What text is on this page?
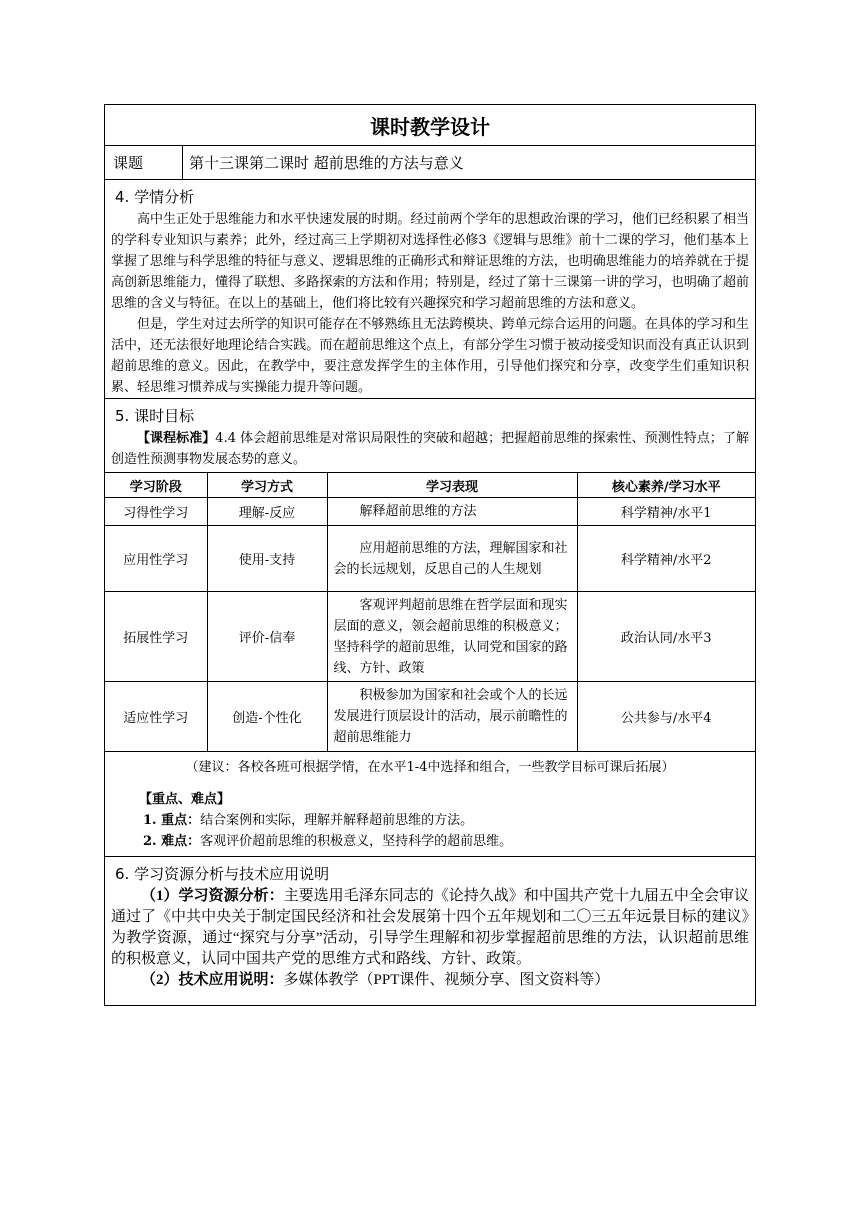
课时教学设计
课题	第十三课第二课时 超前思维的方法与意义
4. 学情分析

高中生正处于思维能力和水平快速发展的时期。经过前两个学年的思想政治课的学习，他们已经积累了相当的学科专业知识与素养；此外，经过高三上学期初对选择性必修3《逻辑与思维》前十二课的学习，他们基本上掌握了思维与科学思维的特征与意义、逻辑思维的正确形式和辩证思维的方法，也明确思维能力的培养就在于提高创新思维能力，懂得了联想、多路探索的方法和作用；特别是，经过了第十三课第一讲的学习，也明确了超前思维的含义与特征。在以上的基础上，他们将比较有兴趣探究和学习超前思维的方法和意义。

但是，学生对过去所学的知识可能存在不够熟练且无法跨模块、跨单元综合运用的问题。在具体的学习和生活中，还无法很好地理论结合实践。而在超前思维这个点上，有部分学生习惯于被动接受知识而没有真正认识到超前思维的意义。因此，在教学中，要注意发挥学生的主体作用，引导他们探究和分享，改变学生们重知识积累、轻思维习惯养成与实操能力提升等问题。

5. 课时目标

【课程标准】4.4 体会超前思维是对常识局限性的突破和超越；把握超前思维的探索性、预测性特点；了解创造性预测事物发展态势的意义。

学习阶段	学习方式	学习表现	核心素养/学习水平
习得性学习	理解-反应	解释超前思维的方法	科学精神/水平1
应用性学习	使用-支持	应用超前思维的方法，理解国家和社会的长远规划，反思自己的人生规划	科学精神/水平2
拓展性学习	评价-信奉	客观评判超前思维在哲学层面和现实层面的意义，领会超前思维的积极意义；坚持科学的超前思维，认同党和国家的路线、方针、政策	政治认同/水平3
适应性学习	创造-个性化	积极参加为国家和社会或个人的长远发展进行顶层设计的活动，展示前瞻性的超前思维能力	公共参与/水平4
（建议：各校各班可根据学情，在水平1-4中选择和组合，一些教学目标可课后拓展）

【重点、难点】

1. 重点：结合案例和实际，理解并解释超前思维的方法。

2. 难点：客观评价超前思维的积极意义，坚持科学的超前思维。

6. 学习资源分析与技术应用说明

（1）学习资源分析：主要选用毛泽东同志的《论持久战》和中国共产党十九届五中全会审议通过了《中共中央关于制定国民经济和社会发展第十四个五年规划和二〇三五年远景目标的建议》为教学资源，通过“探究与分享”活动，引导学生理解和初步掌握超前思维的方法，认识超前思维的积极意义，认同中国共产党的思维方式和路线、方针、政策。

（2）技术应用说明：多媒体教学（PPT课件、视频分享、图文资料等）
